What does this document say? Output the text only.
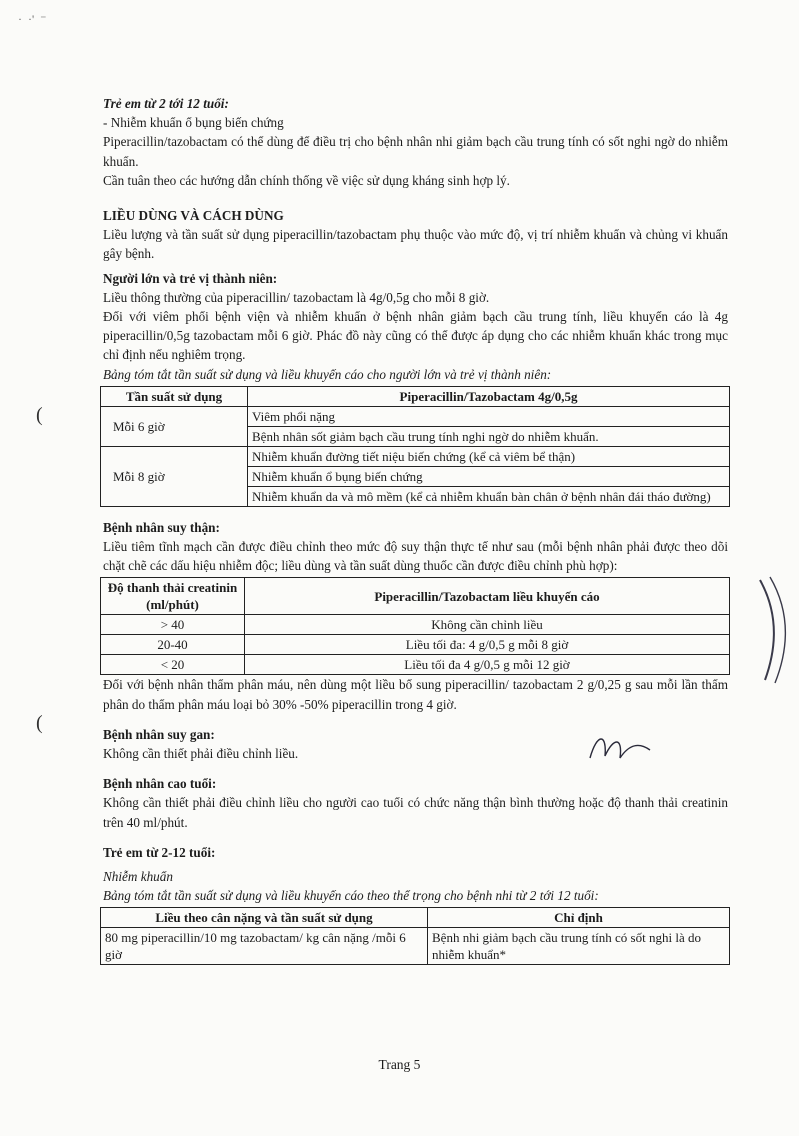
·  ·'  ⁻

Trẻ em từ 2 tới 12 tuổi:

- Nhiễm khuẩn ổ bụng biến chứng

Piperacillin/tazobactam có thể dùng để điều trị cho bệnh nhân nhi giảm bạch cầu trung tính có sốt nghi ngờ do nhiễm khuẩn.

Cần tuân theo các hướng dẫn chính thống về việc sử dụng kháng sinh hợp lý.

LIỀU DÙNG VÀ CÁCH DÙNG

Liều lượng và tần suất sử dụng piperacillin/tazobactam phụ thuộc vào mức độ, vị trí nhiễm khuẩn và chủng vi khuẩn gây bệnh.

Người lớn và trẻ vị thành niên:

Liều thông thường của piperacillin/ tazobactam là 4g/0,5g cho mỗi 8 giờ.

Đối với viêm phổi bệnh viện và nhiễm khuẩn ở bệnh nhân giảm bạch cầu trung tính, liều khuyến cáo là 4g piperacillin/0,5g tazobactam mỗi 6 giờ. Phác đồ này cũng có thể được áp dụng cho các nhiễm khuẩn khác trong mục chỉ định nếu nghiêm trọng.

Bảng tóm tắt tần suất sử dụng và liều khuyến cáo cho người lớn và trẻ vị thành niên:

Tần suất sử dụng	Piperacillin/Tazobactam 4g/0,5g
Mỗi 6 giờ	Viêm phổi nặng
	Bệnh nhân sốt giảm bạch cầu trung tính nghi ngờ do nhiễm khuẩn.
Mỗi 8 giờ	Nhiễm khuẩn đường tiết niệu biến chứng (kể cả viêm bể thận)
	Nhiễm khuẩn ổ bụng biến chứng
	Nhiễm khuẩn da và mô mềm (kể cả nhiễm khuẩn bàn chân ở bệnh nhân đái tháo đường)

Bệnh nhân suy thận:

Liều tiêm tĩnh mạch cần được điều chỉnh theo mức độ suy thận thực tế như sau (mỗi bệnh nhân phải được theo dõi chặt chẽ các dấu hiệu nhiễm độc; liều dùng và tần suất dùng thuốc cần được điều chỉnh phù hợp):

Độ thanh thải creatinin (ml/phút)	Piperacillin/Tazobactam liều khuyến cáo
> 40	Không cần chỉnh liều
20-40	Liều tối đa: 4 g/0,5 g mỗi 8 giờ
< 20	Liều tối đa 4 g/0,5 g mỗi 12 giờ

Đối với bệnh nhân thẩm phân máu, nên dùng một liều bổ sung piperacillin/ tazobactam 2 g/0,25 g sau mỗi lần thẩm phân do thẩm phân máu loại bỏ 30% -50% piperacillin trong 4 giờ.

Bệnh nhân suy gan:

Không cần thiết phải điều chỉnh liều.

Bệnh nhân cao tuổi:

Không cần thiết phải điều chỉnh liều cho người cao tuổi có chức năng thận bình thường hoặc độ thanh thải creatinin trên 40 ml/phút.

Trẻ em từ 2-12 tuổi:

Nhiễm khuẩn

Bảng tóm tắt tần suất sử dụng và liều khuyến cáo theo thể trọng cho bệnh nhi từ 2 tới 12 tuổi:

Liều theo cân nặng và tần suất sử dụng	Chỉ định
80 mg piperacillin/10 mg tazobactam/ kg cân nặng /mỗi 6 giờ	Bệnh nhi giảm bạch cầu trung tính có sốt nghi là do nhiễm khuẩn*
Trang 5
(
(
